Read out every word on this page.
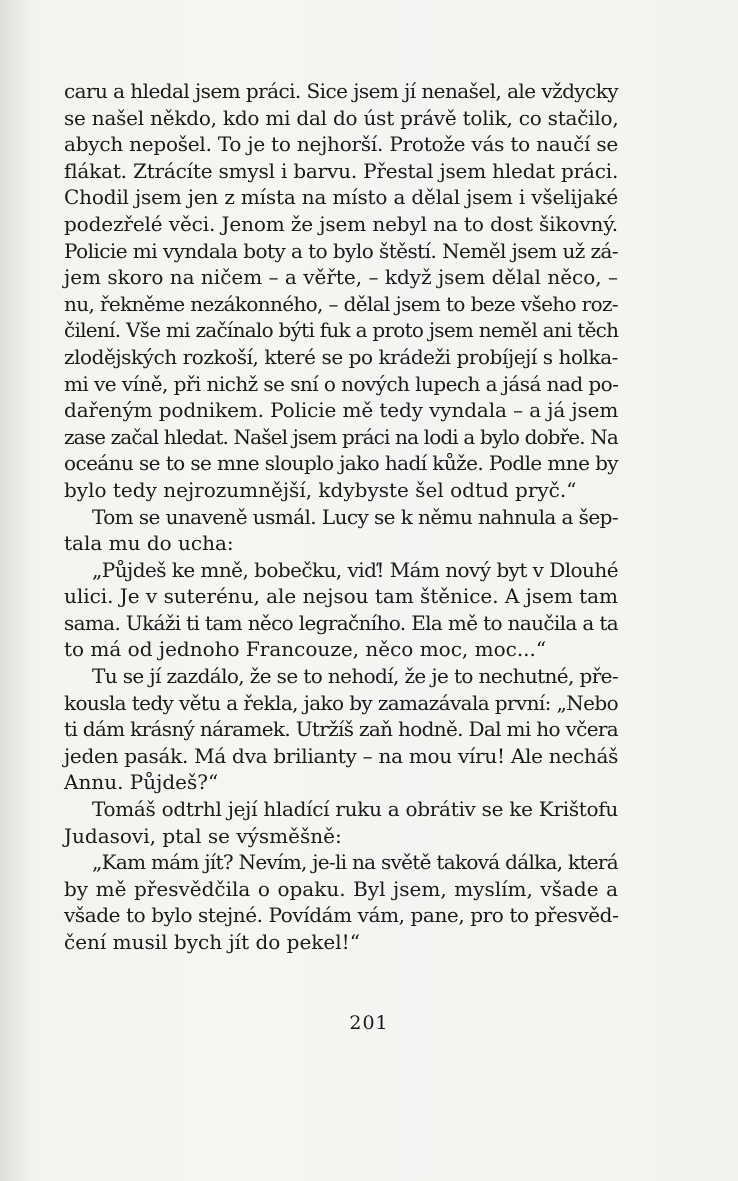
caru a hledal jsem práci. Sice jsem jí nenašel, ale vždycky
se našel někdo, kdo mi dal do úst právě tolik, co stačilo,
abych nepošel. To je to nejhorší. Protože vás to naučí se
flákat. Ztrácíte smysl i barvu. Přestal jsem hledat práci.
Chodil jsem jen z místa na místo a dělal jsem i všelijaké
podezřelé věci. Jenom že jsem nebyl na to dost šikovný.
Policie mi vyndala boty a to bylo štěstí. Neměl jsem už zá-
jem skoro na ničem – a věřte, – když jsem dělal něco, –
nu, řekněme nezákonného, – dělal jsem to beze všeho roz-
čilení. Vše mi začínalo býti fuk a proto jsem neměl ani těch
zlodějských rozkoší, které se po krádeži probíjejí s holka-
mi ve víně, při nichž se sní o nových lupech a jásá nad po-
dařeným podnikem. Policie mě tedy vyndala – a já jsem
zase začal hledat. Našel jsem práci na lodi a bylo dobře. Na
oceánu se to se mne slouplo jako hadí kůže. Podle mne by
bylo tedy nejrozumnější, kdybyste šel odtud pryč.“
Tom se unaveně usmál. Lucy se k němu nahnula a šep-
tala mu do ucha:
„Půjdeš ke mně, bobečku, viď! Mám nový byt v Dlouhé
ulici. Je v suterénu, ale nejsou tam štěnice. A jsem tam
sama. Ukáži ti tam něco legračního. Ela mě to naučila a ta
to má od jednoho Francouze, něco moc, moc...“
Tu se jí zazdálo, že se to nehodí, že je to nechutné, pře-
kousla tedy větu a řekla, jako by zamazávala první: „Nebo
ti dám krásný náramek. Utržíš zaň hodně. Dal mi ho včera
jeden pasák. Má dva brilianty – na mou víru! Ale necháš
Annu. Půjdeš?“
Tomáš odtrhl její hladící ruku a obrátiv se ke Krištofu
Judasovi, ptal se výsměšně:
„Kam mám jít? Nevím, je-li na světě taková dálka, která
by mě přesvědčila o opaku. Byl jsem, myslím, všade a
všade to bylo stejné. Povídám vám, pane, pro to přesvěd-
čení musil bych jít do pekel!“
201
